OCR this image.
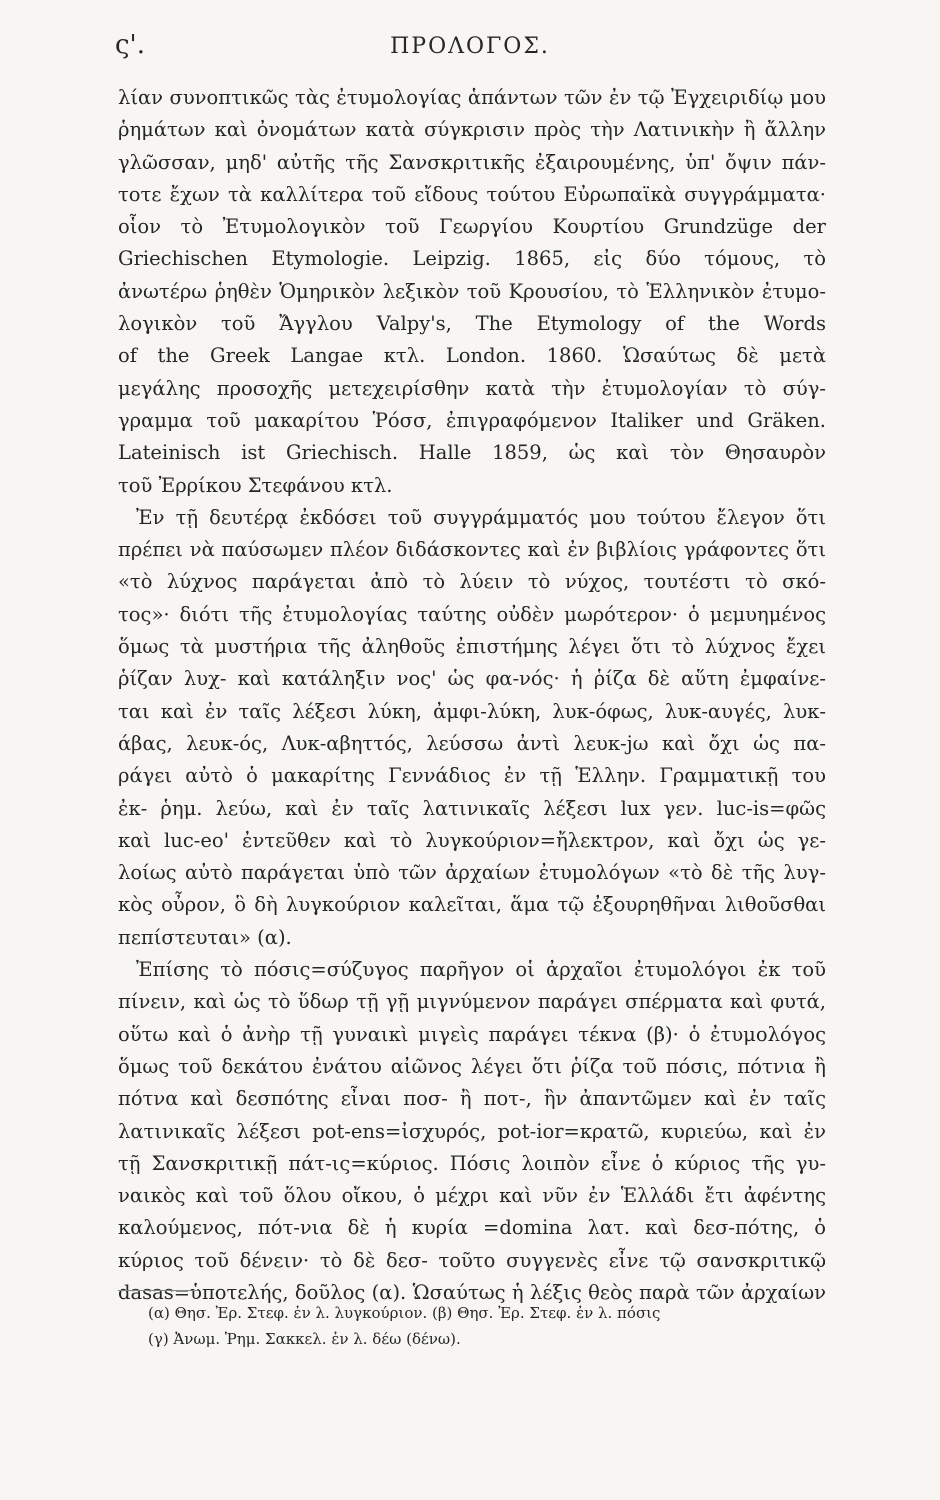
ς'.	ΠΡΟΛΟΓΟΣ.
λίαν συνοπτικῶς τὰς ἐτυμολογίας ἁπάντων τῶν ἐν τῷ Ἐγχειριδίῳ μου
ῥημάτων καὶ ὀνομάτων κατὰ σύγκρισιν πρὸς τὴν Λατινικὴν ἢ ἄλλην
γλῶσσαν, μηδ' αὐτῆς τῆς Σανσκριτικῆς ἐξαιρουμένης, ὑπ' ὄψιν πάν-
τοτε ἔχων τὰ καλλίτερα τοῦ εἴδους τούτου Εὐρωπαϊκὰ συγγράμματα·
οἷον τὸ Ἐτυμολογικὸν τοῦ Γεωργίου Κουρτίου Grundzüge der
Griechischen Etymologie. Leipzig. 1865, εἰς δύο τόμους, τὸ
ἀνωτέρω ῥηθὲν Ὁμηρικὸν λεξικὸν τοῦ Κρουσίου, τὸ Ἑλληνικὸν ἐτυμο-
λογικὸν τοῦ Ἄγγλου Valpy's, The Etymology of the Words
of the Greek Langae κτλ. London. 1860. Ὡσαύτως δὲ μετὰ
μεγάλης προσοχῆς μετεχειρίσθην κατὰ τὴν ἐτυμολογίαν τὸ σύγ-
γραμμα τοῦ μακαρίτου Ῥόσσ, ἐπιγραφόμενον Italiker und Gräken.
Lateinisch ist Griechisch. Halle 1859, ὡς καὶ τὸν Θησαυρὸν
τοῦ Ἐρρίκου Στεφάνου κτλ.
Ἐν τῇ δευτέρᾳ ἐκδόσει τοῦ συγγράμματός μου τούτου ἔλεγον ὅτι
πρέπει νὰ παύσωμεν πλέον διδάσκοντες καὶ ἐν βιβλίοις γράφοντες ὅτι
«τὸ λύχνος παράγεται ἀπὸ τὸ λύειν τὸ νύχος, τουτέστι τὸ σκό-
τος»· διότι τῆς ἐτυμολογίας ταύτης οὐδὲν μωρότερον· ὁ μεμυημένος
ὅμως τὰ μυστήρια τῆς ἀληθοῦς ἐπιστήμης λέγει ὅτι τὸ λύχνος ἔχει
ῥίζαν λυχ- καὶ κατάληξιν νος' ὡς φα-νός· ἡ ῥίζα δὲ αὕτη ἐμφαίνε-
ται καὶ ἐν ταῖς λέξεσι λύκη, ἀμφι-λύκη, λυκ-όφως, λυκ-αυγές, λυκ-
άβας, λευκ-ός, Λυκ-αβηττός, λεύσσω ἀντὶ λευκ-jω καὶ ὄχι ὡς πα-
ράγει αὐτὸ ὁ μακαρίτης Γεννάδιος ἐν τῇ Ἑλλην. Γραμματικῇ του
ἐκ- ῥημ. λεύω, καὶ ἐν ταῖς λατινικαῖς λέξεσι lux γεν. luc-is=φῶς
καὶ luc-eo' ἐντεῦθεν καὶ τὸ λυγκούριον=ἤλεκτρον, καὶ ὄχι ὡς γε-
λοίως αὐτὸ παράγεται ὑπὸ τῶν ἀρχαίων ἐτυμολόγων «τὸ δὲ τῆς λυγ-
κὸς οὖρον, ὃ δὴ λυγκούριον καλεῖται, ἅμα τῷ ἐξουρηθῆναι λιθοῦσθαι
πεπίστευται» (α).
Ἐπίσης τὸ πόσις=σύζυγος παρῆγον οἱ ἀρχαῖοι ἐτυμολόγοι ἐκ τοῦ
πίνειν, καὶ ὡς τὸ ὕδωρ τῇ γῇ μιγνύμενον παράγει σπέρματα καὶ φυτά,
οὕτω καὶ ὁ ἀνὴρ τῇ γυναικὶ μιγεὶς παράγει τέκνα (β)· ὁ ἐτυμολόγος
ὅμως τοῦ δεκάτου ἐνάτου αἰῶνος λέγει ὅτι ῥίζα τοῦ πόσις, πότνια ἢ
πότνα καὶ δεσπότης εἶναι ποσ- ἢ ποτ-, ἣν ἀπαντῶμεν καὶ ἐν ταῖς
λατινικαῖς λέξεσι pot-ens=ἰσχυρός, pot-ior=κρατῶ, κυριεύω, καὶ ἐν
τῇ Σανσκριτικῇ πάτ-ις=κύριος. Πόσις λοιπὸν εἶνε ὁ κύριος τῆς γυ-
ναικὸς καὶ τοῦ ὅλου οἴκου, ὁ μέχρι καὶ νῦν ἐν Ἑλλάδι ἔτι ἀφέντης
καλούμενος, πότ-νια δὲ ἡ κυρία =domina λατ. καὶ δεσ-πότης, ὁ
κύριος τοῦ δένειν· τὸ δὲ δεσ- τοῦτο συγγενὲς εἶνε τῷ σανσκριτικῷ
dasas=ὑποτελής, δοῦλος (α). Ὡσαύτως ἡ λέξις θεὸς παρὰ τῶν ἀρχαίων
(α) Θησ. Ἐρ. Στεφ. ἐν λ. λυγκούριον. (β) Θησ. Ἐρ. Στεφ. ἐν λ. πόσις
(γ) Ἀνωμ. Ῥημ. Σακκελ. ἐν λ. δέω (δένω).
